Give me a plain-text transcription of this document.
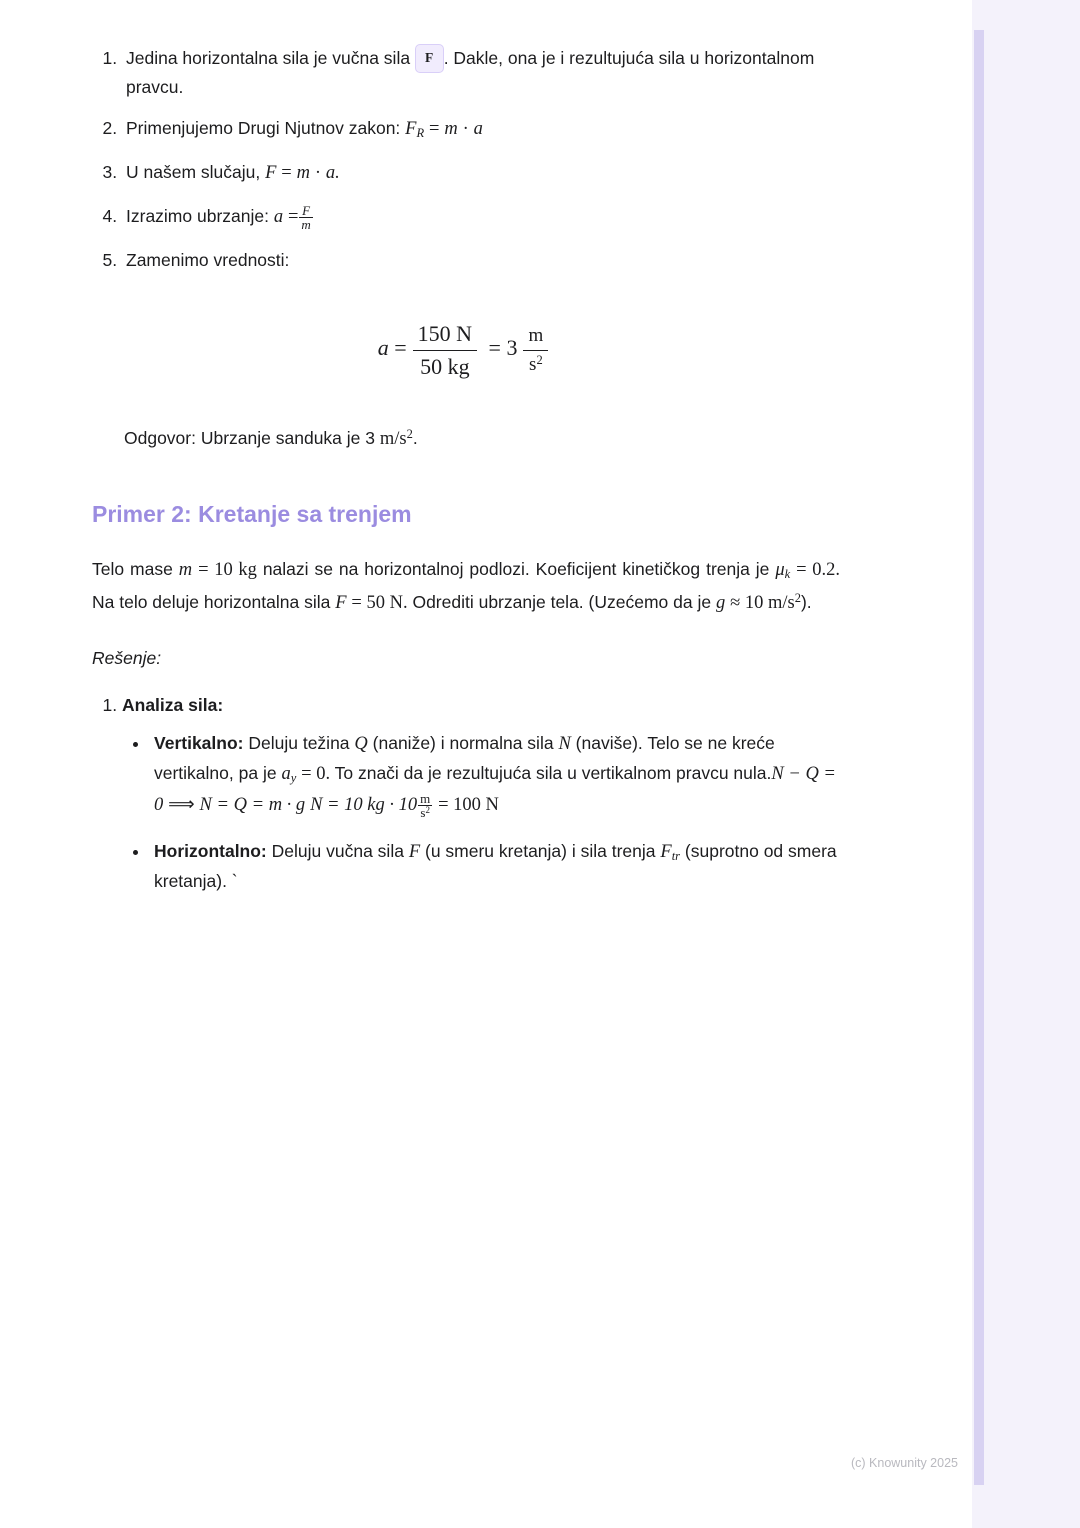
1. Jedina horizontalna sila je vučna sila F . Dakle, ona je i rezultujuća sila u horizontalnom pravcu.
2. Primenjujemo Drugi Njutnov zakon: $F_R = m \cdot a$
3. U našem slučaju, F = m · a.
4. Izrazimo ubrzanje: $a = \frac{F}{m}$
5. Zamenimo vrednosti:
$a = \frac{150 N}{50 kg} = 3 \frac{m}{s^2}$

Odgovor: Ubrzanje sanduka je 3 $m/s^2$.

Primer 2: Kretanje sa trenjem

Telo mase m = 10 kg nalazi se na horizontalnoj podlozi. Koeficijent kinetičkog trenja je $\mu_k = 0.2$. Na telo deluje horizontalna sila F = 50 N. Odrediti ubrzanje tela. (Uzećemo da je g ≈ 10 $m/s^2$).

Rešenje:

1. Analiza sila:
• Vertikalno: Deluju težina Q (naniže) i normalna sila N (naviše). Telo se ne kreće vertikalno, pa je $a_y = 0$. To znači da je rezultujuća sila u vertikalnom pravcu nula.N − Q = 0 ⟹ N = Q = m · g N = 10 kg · $10 \frac{m}{s^2} = 100$ N
• Horizontalno: Deluju vučna sila F (u smeru kretanja) i sila trenja $F_{tr}$ (suprotno od smera kretanja). `
(c) Knowunity 2025
